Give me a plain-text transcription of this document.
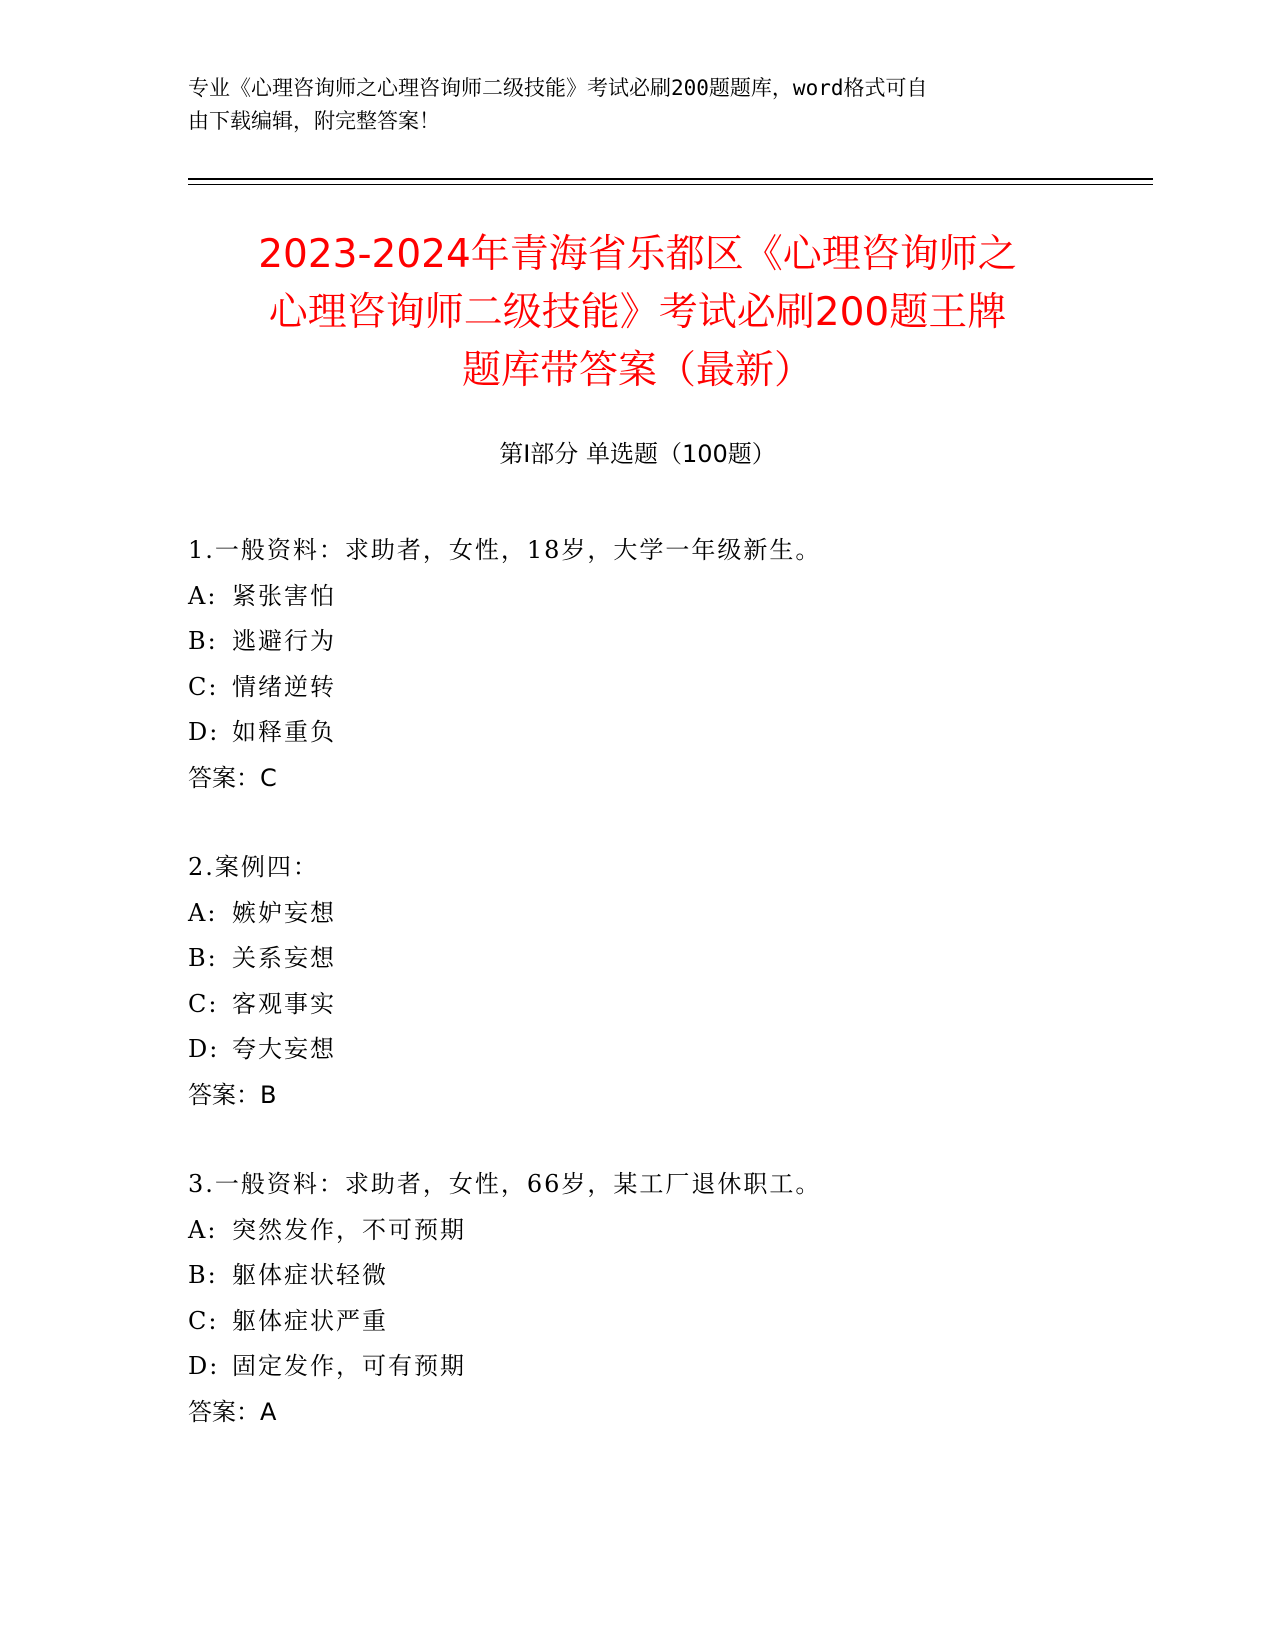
专业《心理咨询师之心理咨询师二级技能》考试必刷200题题库，word格式可自
由下载编辑，附完整答案！
2023-2024年青海省乐都区《心理咨询师之
心理咨询师二级技能》考试必刷200题王牌
题库带答案（最新）
第Ⅰ部分 单选题（100题）
1.一般资料：求助者，女性，18岁，大学一年级新生。
A: 紧张害怕
B: 逃避行为
C: 情绪逆转
D: 如释重负
答案：C
2.案例四：
A: 嫉妒妄想
B: 关系妄想
C: 客观事实
D: 夸大妄想
答案：B
3.一般资料：求助者，女性，66岁，某工厂退休职工。
A: 突然发作，不可预期
B: 躯体症状轻微
C: 躯体症状严重
D: 固定发作，可有预期
答案：A
